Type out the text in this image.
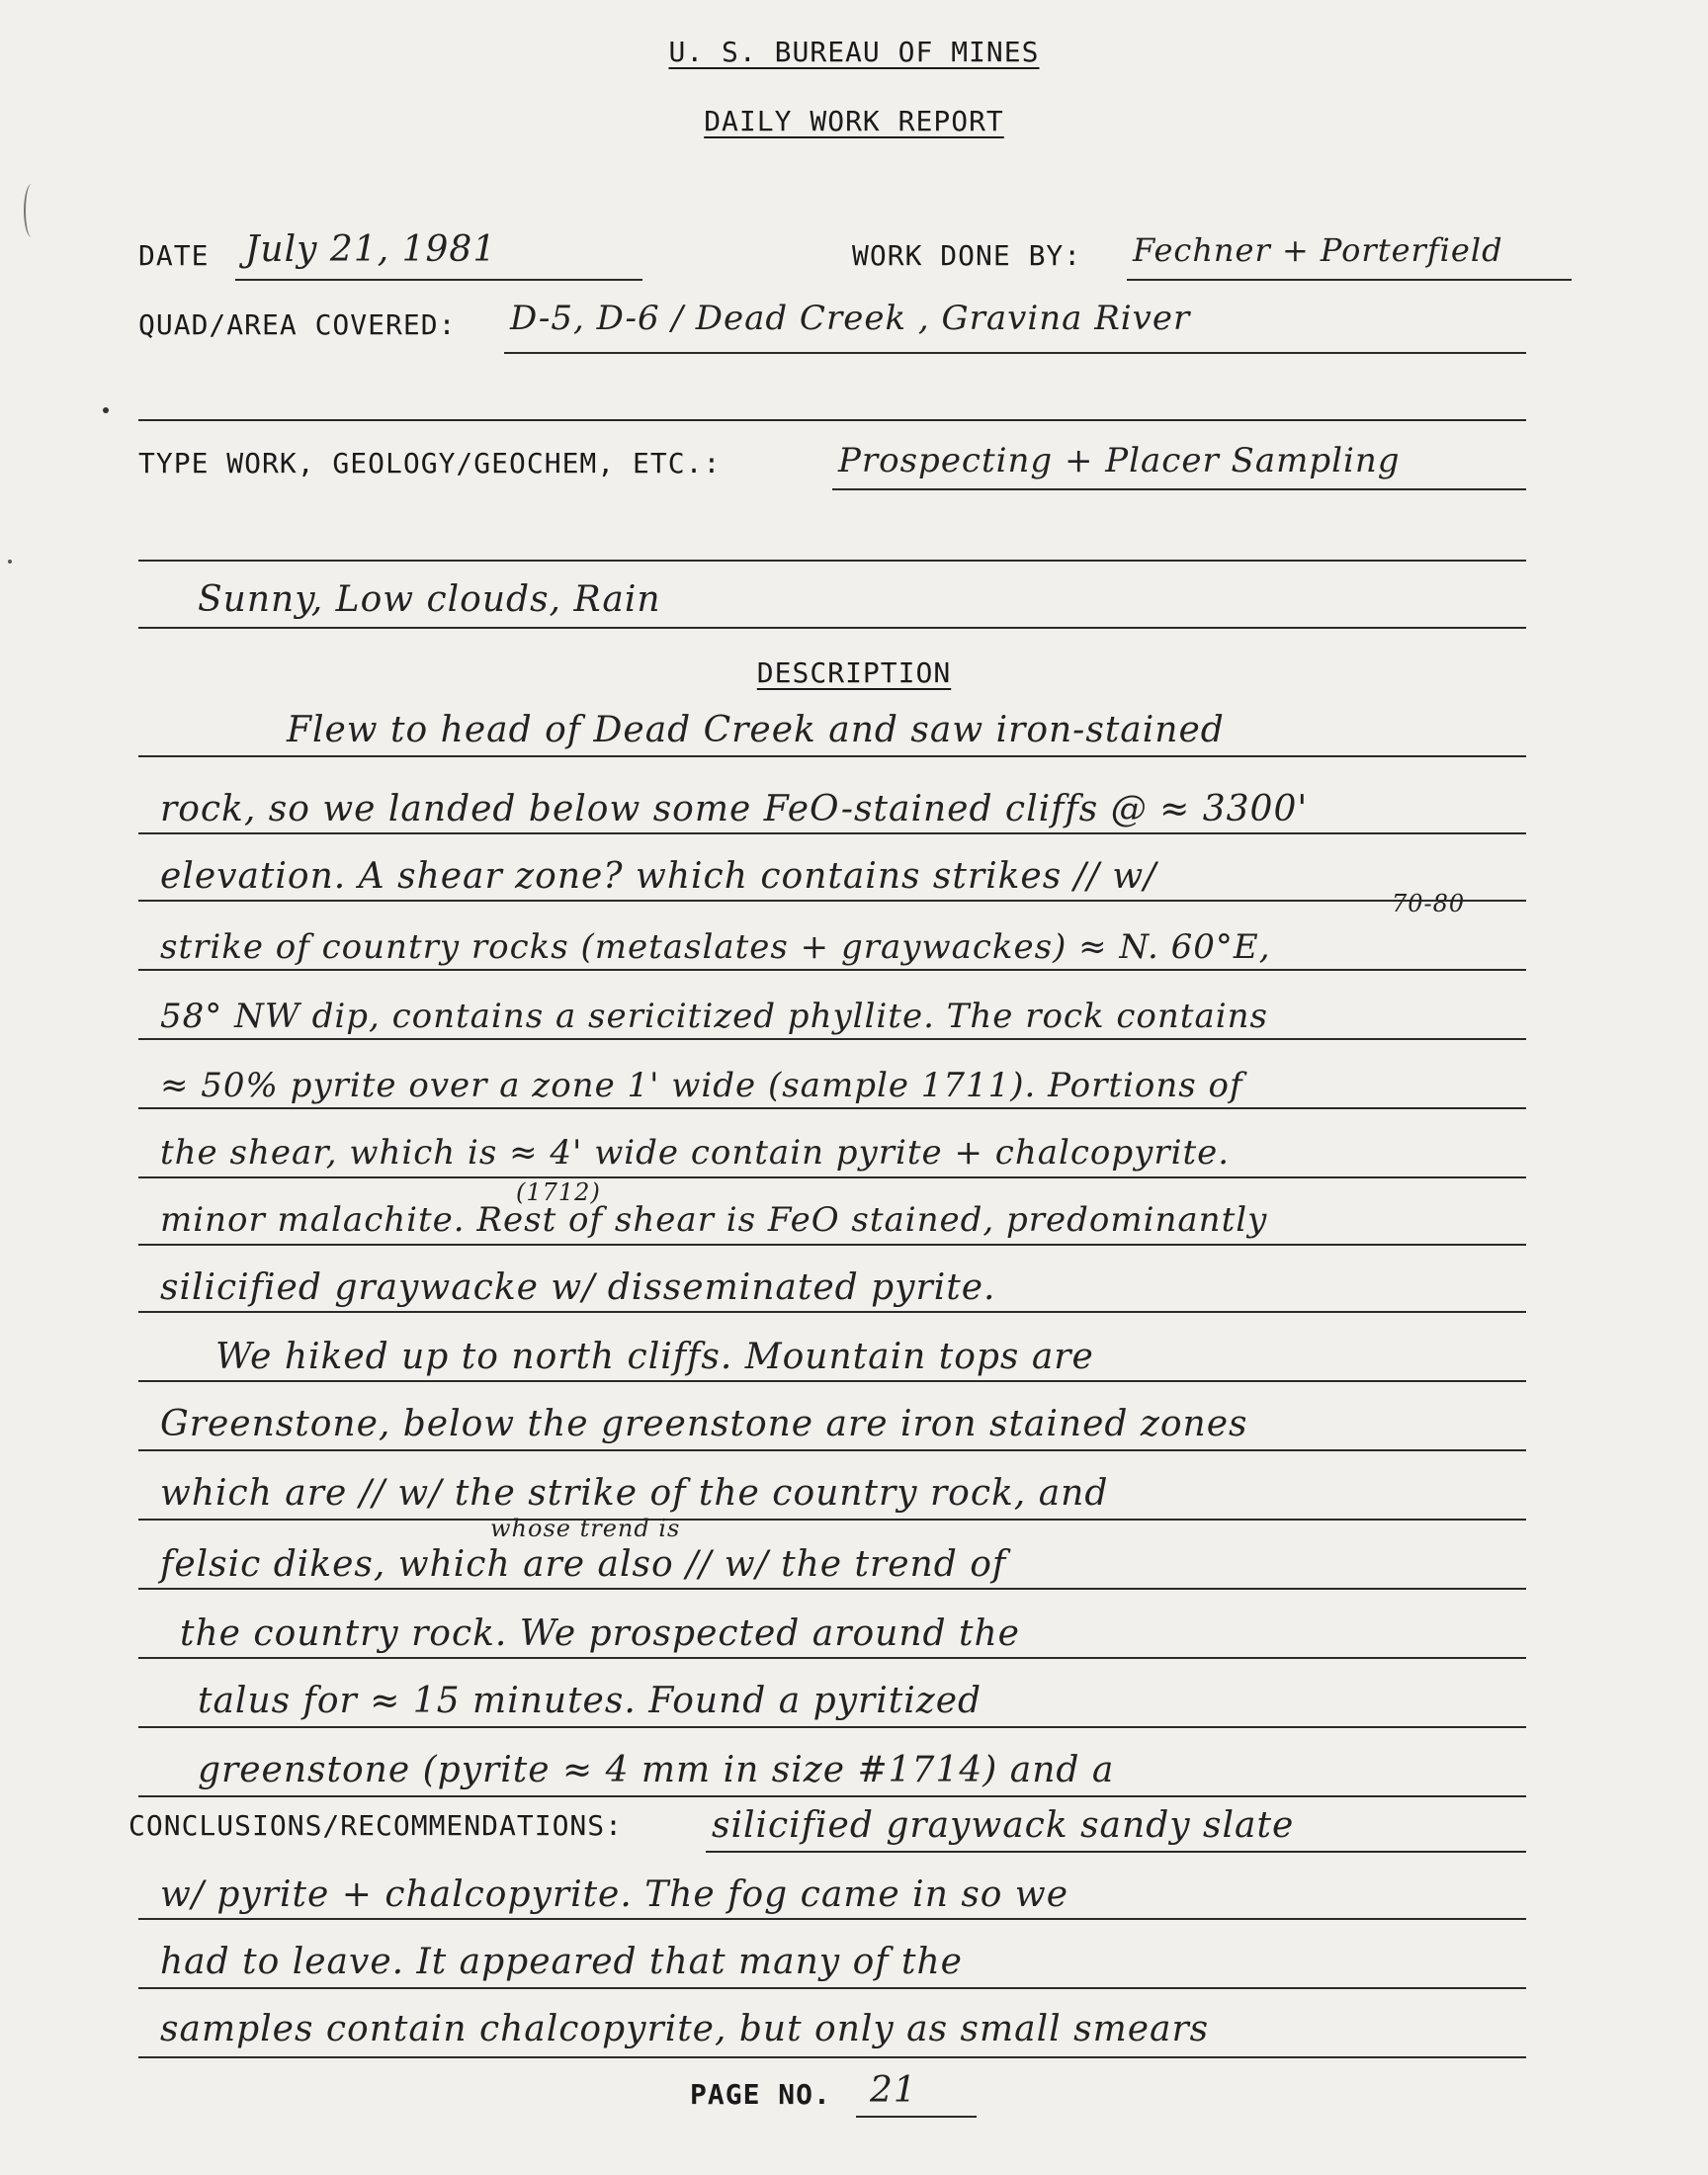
U. S. BUREAU OF MINES
DAILY WORK REPORT
DATE July 21, 1981	WORK DONE BY: Fechner + Porterfield
QUAD/AREA COVERED: D-5, D-6 / Dead Creek , Gravina River
TYPE WORK, GEOLOGY/GEOCHEM, ETC.:	Prospecting + Placer Sampling
Sunny, Low clouds, Rain
DESCRIPTION
Flew to head of Dead Creek and saw iron-stained
rock, so we landed below some FeO-stained cliffs @ ≈ 3300'
elevation. A shear zone? which contains strikes // w/
70-80
strike of country rocks (metaslates + graywackes) ≈ N. 60°E,
58° NW dip, contains a sericitized phyllite. The rock contains
≈ 50% pyrite over a zone 1' wide (sample 1711). Portions of
the shear, which is ≈ 4' wide contain pyrite + chalcopyrite.
(1712)
minor malachite. Rest of shear is FeO stained, predominantly
silicified graywacke w/ disseminated pyrite.
We hiked up to north cliffs. Mountain tops are
Greenstone, below the greenstone are iron stained zones
which are // w/ the strike of the country rock, and
whose trend is
felsic dikes, which are also // w/ the trend of
the country rock. We prospected around the
talus for ≈ 15 minutes. Found a pyritized
greenstone (pyrite ≈ 4 mm in size #1714) and a
CONCLUSIONS/RECOMMENDATIONS: silicified graywack sandy slate
w/ pyrite + chalcopyrite. The fog came in so we
had to leave. It appeared that many of the
samples contain chalcopyrite, but only as small smears
PAGE NO. 21
